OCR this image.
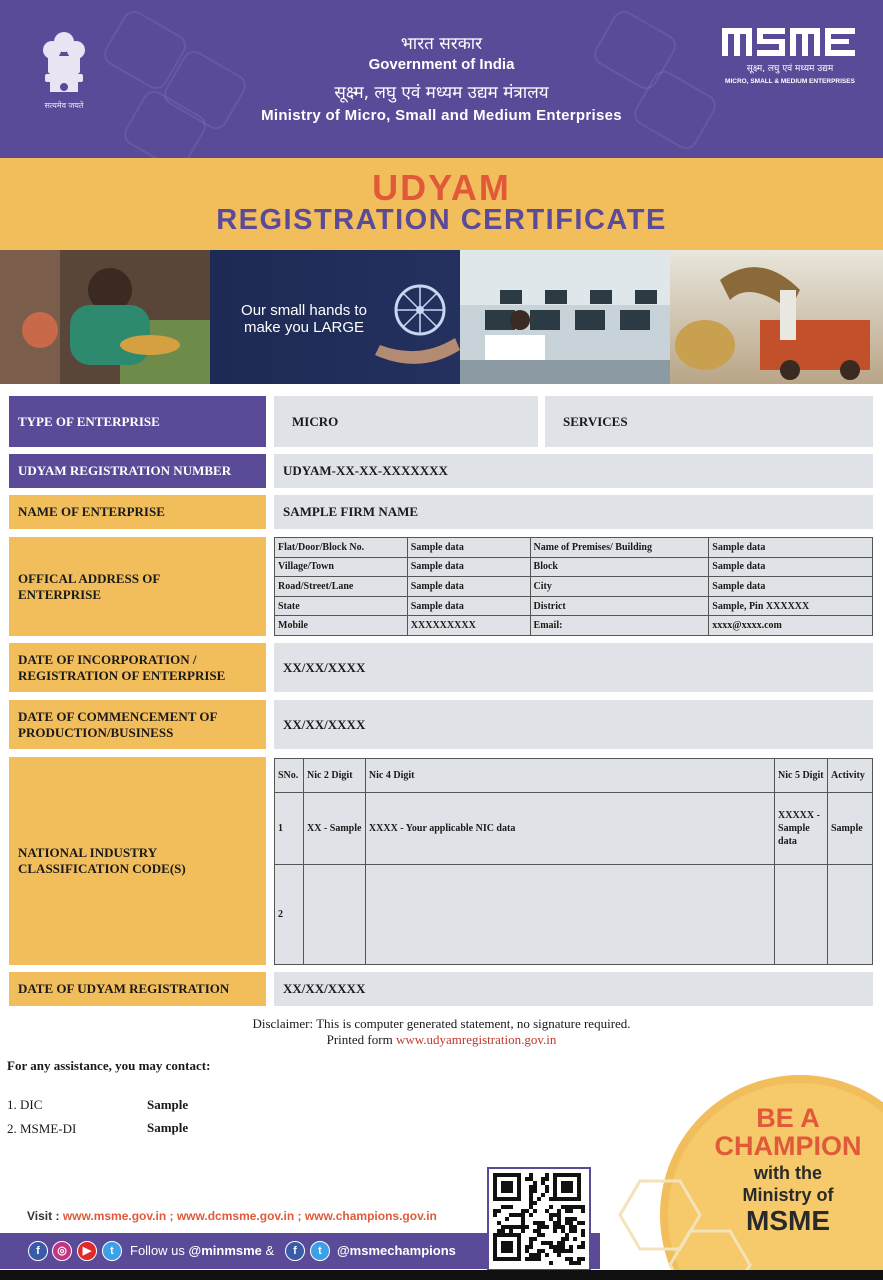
सत्यमेव जयते
भारत सरकार
Government of India
सूक्ष्म, लघु एवं मध्यम उद्यम मंत्रालय
Ministry of Micro, Small and Medium Enterprises
सूक्ष्म, लघु एवं मध्यम उद्यम
MICRO, SMALL & MEDIUM ENTERPRISES
UDYAM
REGISTRATION CERTIFICATE
Our small hands to
make you LARGE
TYPE OF ENTERPRISE	MICRO	SERVICES
UDYAM REGISTRATION NUMBER	UDYAM-XX-XX-XXXXXXX
NAME OF ENTERPRISE	SAMPLE FIRM NAME
OFFICAL ADDRESS OF ENTERPRISE
Flat/Door/Block No.	Sample data	Name of Premises/ Building	Sample data
Village/Town	Sample data	Block	Sample data
Road/Street/Lane	Sample data	City	Sample data
State	Sample data	District	Sample, Pin XXXXXX
Mobile	XXXXXXXXX	Email:	xxxx@xxxx.com
DATE OF INCORPORATION / REGISTRATION OF ENTERPRISE
XX/XX/XXXX
DATE OF COMMENCEMENT OF PRODUCTION/BUSINESS
XX/XX/XXXX
NATIONAL INDUSTRY CLASSIFICATION CODE(S)
SNo.	Nic 2 Digit	Nic 4 Digit	Nic 5 Digit	Activity
1	XX - Sample	XXXX - Your applicable NIC data	XXXXX - Sample data	Sample
2				
DATE OF UDYAM REGISTRATION	XX/XX/XXXX
Disclaimer: This is computer generated statement, no signature required.
Printed form www.udyamregistration.gov.in
For any assistance, you may contact:
1. DIC	Sample
2. MSME-DI	Sample	BE A
CHAMPION
with the
Ministry of
MSME
Visit : www.msme.gov.in ; www.dcmsme.gov.in ; www.champions.gov.in
f	◎	▶	t	Follow us @minmsme &	f	t	@msmechampions
